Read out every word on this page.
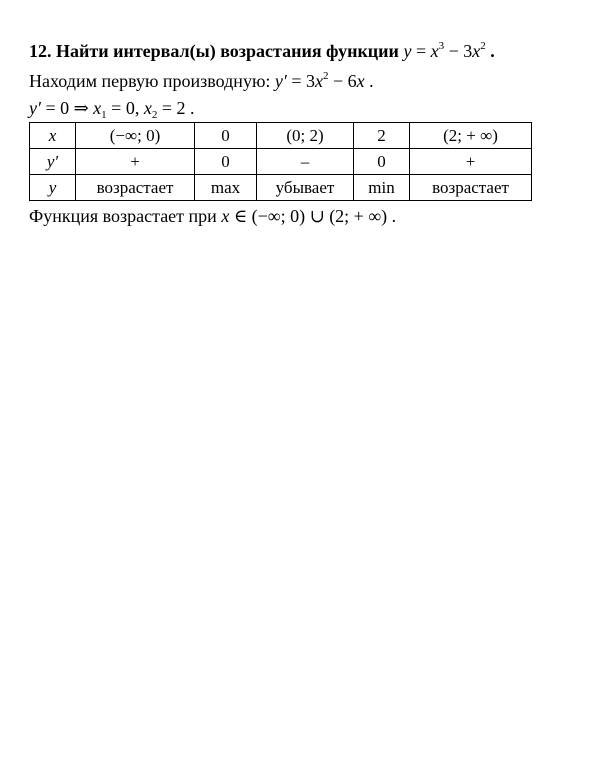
12. Найти интервал(ы) возрастания функции $y = x^3 - 3x^2$ .
Находим первую производную: $y' = 3x^2 - 6x$ .
y′ = 0 ⇒ $x_1 = 0$, $x_2 = 2$ .
x	(−∞; 0)	0	(0; 2)	2	(2; + ∞)
y′	+	0	–	0	+
y	возрастает	max	убывает	min	возрастает
Функция возрастает при x ∈ (−∞; 0) ∪ (2; + ∞) .
